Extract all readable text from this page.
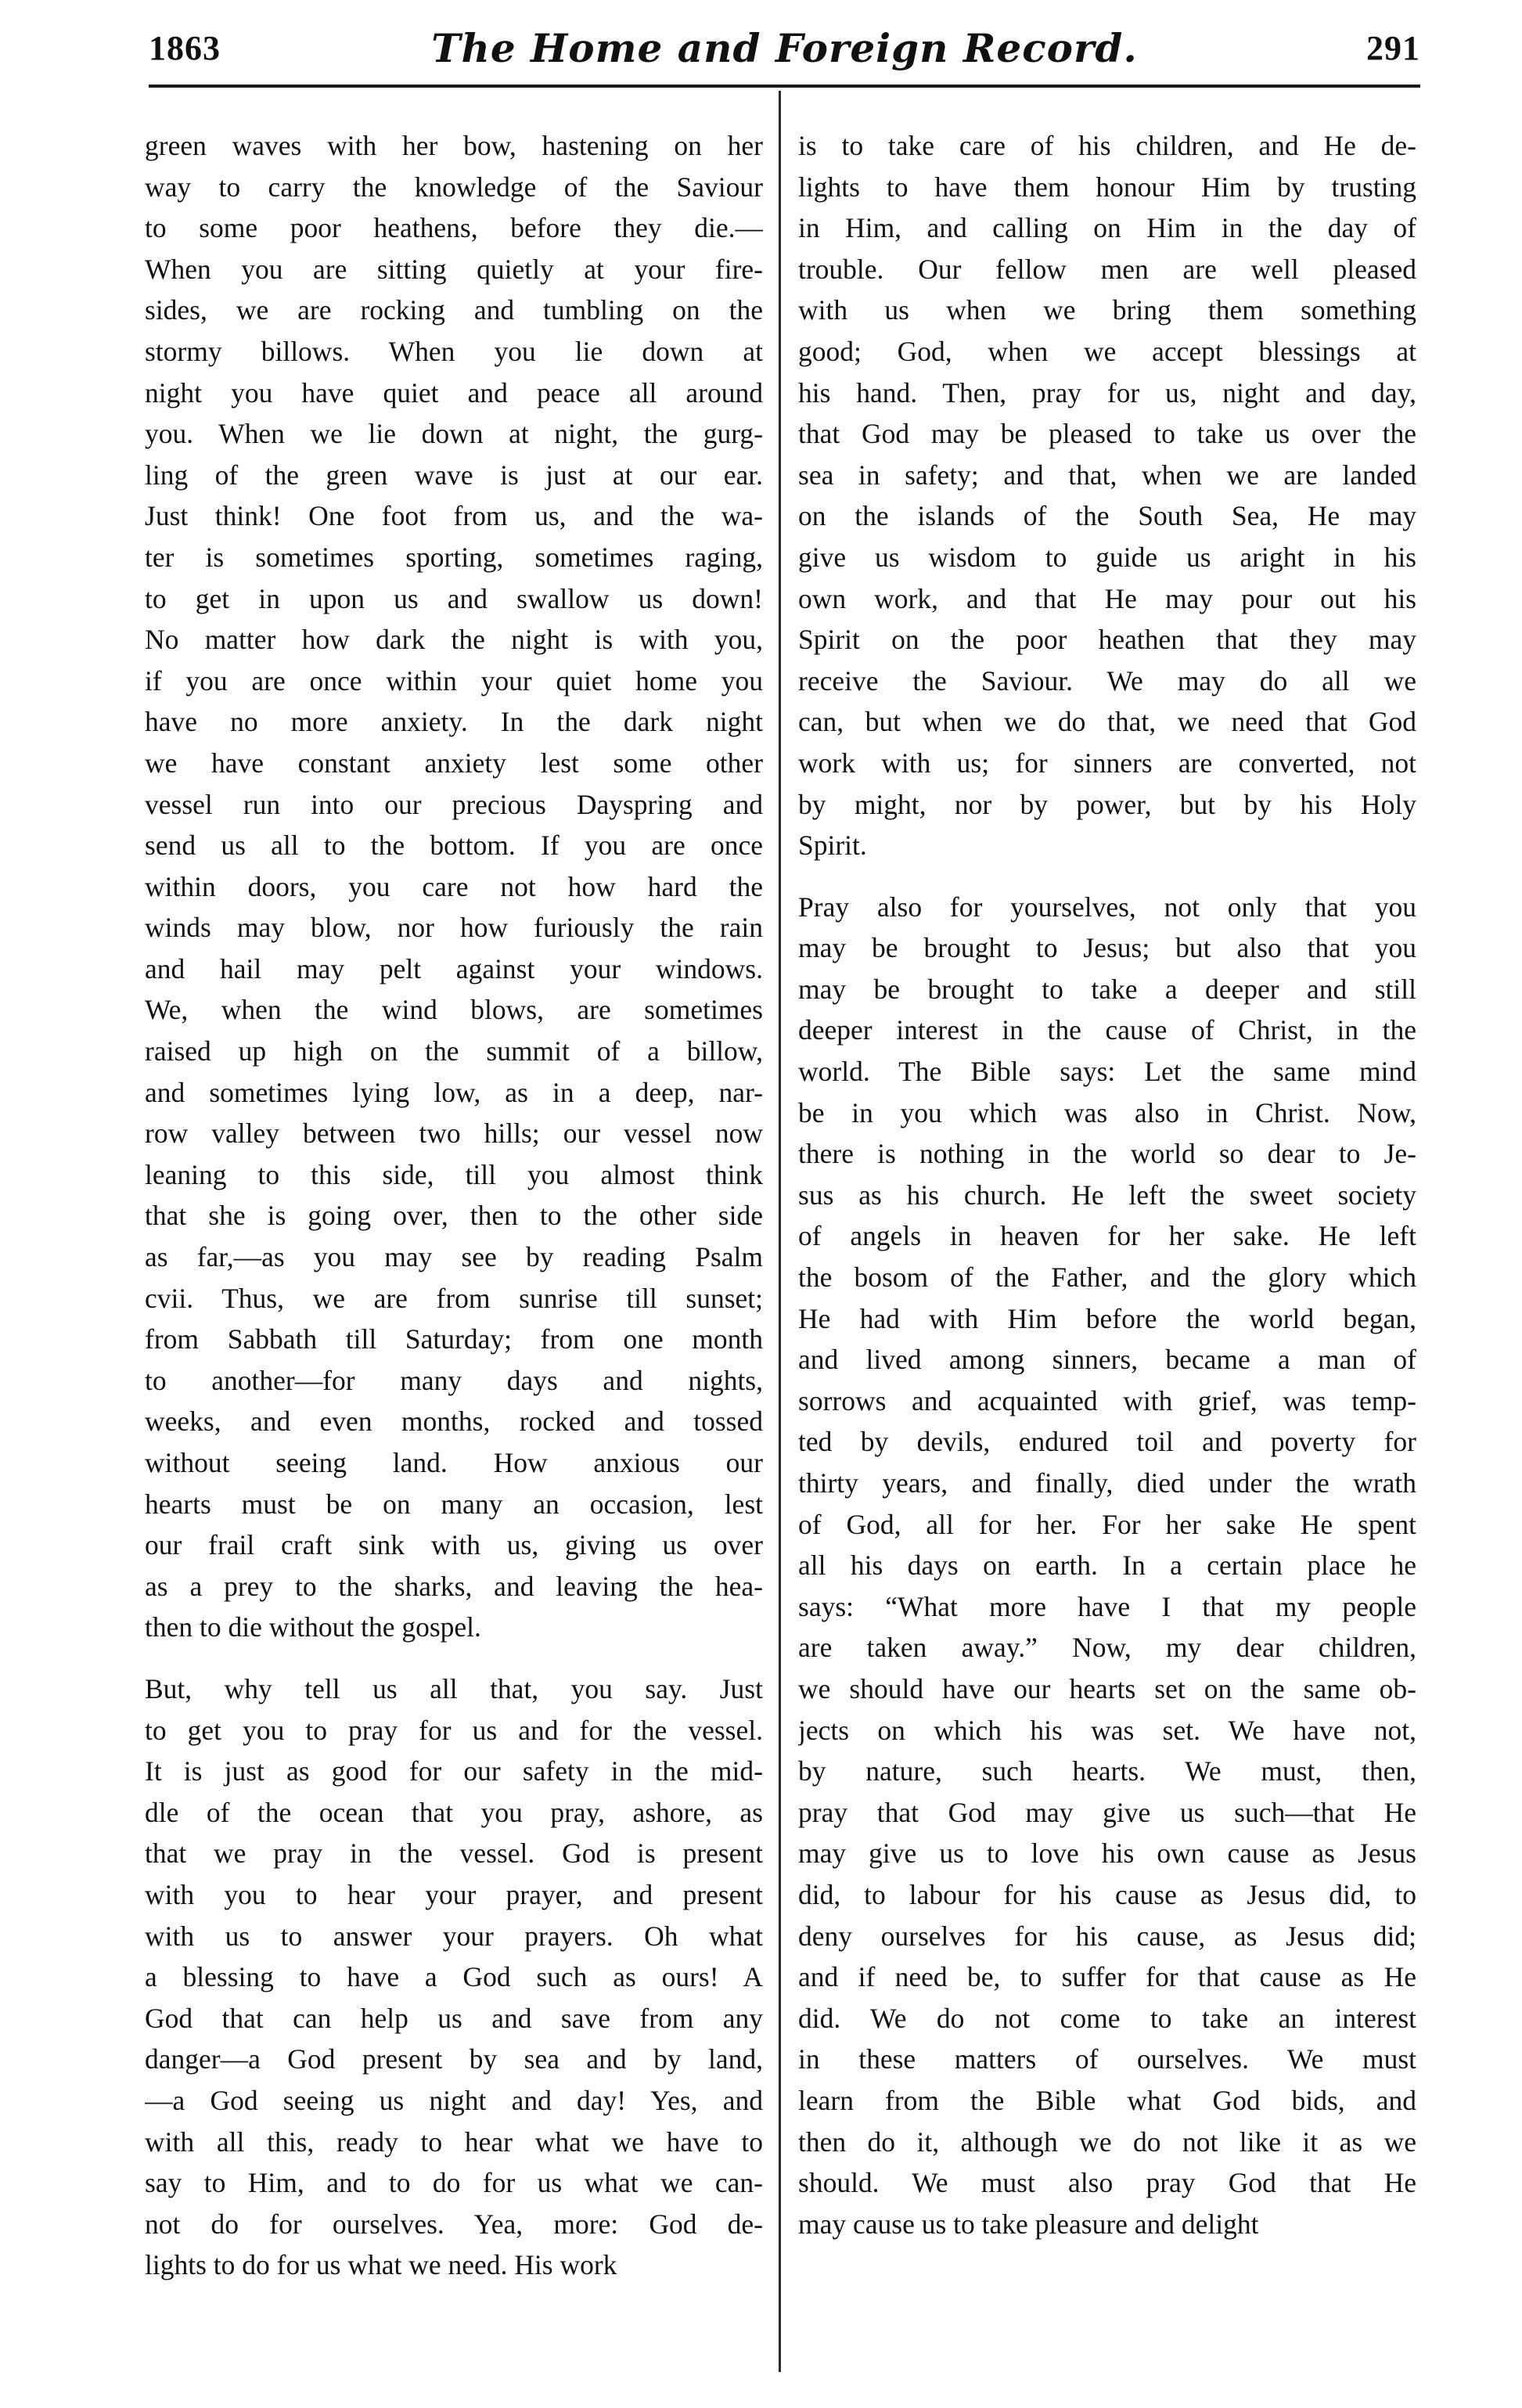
1863	The Home and Foreign Record.	291
green waves with her bow, hastening on her
way to carry the knowledge of the Saviour
to some poor heathens, before they die.—
When you are sitting quietly at your fire-
sides, we are rocking and tumbling on the
stormy billows. When you lie down at
night you have quiet and peace all around
you. When we lie down at night, the gurg-
ling of the green wave is just at our ear.
Just think! One foot from us, and the wa-
ter is sometimes sporting, sometimes raging,
to get in upon us and swallow us down!
No matter how dark the night is with you,
if you are once within your quiet home you
have no more anxiety. In the dark night
we have constant anxiety lest some other
vessel run into our precious Dayspring and
send us all to the bottom. If you are once
within doors, you care not how hard the
winds may blow, nor how furiously the rain
and hail may pelt against your windows.
We, when the wind blows, are sometimes
raised up high on the summit of a billow,
and sometimes lying low, as in a deep, nar-
row valley between two hills; our vessel now
leaning to this side, till you almost think
that she is going over, then to the other side
as far,—as you may see by reading Psalm
cvii. Thus, we are from sunrise till sunset;
from Sabbath till Saturday; from one month
to another—for many days and nights,
weeks, and even months, rocked and tossed
without seeing land. How anxious our
hearts must be on many an occasion, lest
our frail craft sink with us, giving us over
as a prey to the sharks, and leaving the hea-
then to die without the gospel.
But, why tell us all that, you say. Just
to get you to pray for us and for the vessel.
It is just as good for our safety in the mid-
dle of the ocean that you pray, ashore, as
that we pray in the vessel. God is present
with you to hear your prayer, and present
with us to answer your prayers. Oh what
a blessing to have a God such as ours! A
God that can help us and save from any
danger—a God present by sea and by land,
—a God seeing us night and day! Yes, and
with all this, ready to hear what we have to
say to Him, and to do for us what we can-
not do for ourselves. Yea, more: God de-
lights to do for us what we need. His work
is to take care of his children, and He de-
lights to have them honour Him by trusting
in Him, and calling on Him in the day of
trouble. Our fellow men are well pleased
with us when we bring them something
good; God, when we accept blessings at
his hand. Then, pray for us, night and day,
that God may be pleased to take us over the
sea in safety; and that, when we are landed
on the islands of the South Sea, He may
give us wisdom to guide us aright in his
own work, and that He may pour out his
Spirit on the poor heathen that they may
receive the Saviour. We may do all we
can, but when we do that, we need that God
work with us; for sinners are converted, not
by might, nor by power, but by his Holy
Spirit.
Pray also for yourselves, not only that you
may be brought to Jesus; but also that you
may be brought to take a deeper and still
deeper interest in the cause of Christ, in the
world. The Bible says: Let the same mind
be in you which was also in Christ. Now,
there is nothing in the world so dear to Je-
sus as his church. He left the sweet society
of angels in heaven for her sake. He left
the bosom of the Father, and the glory which
He had with Him before the world began,
and lived among sinners, became a man of
sorrows and acquainted with grief, was temp-
ted by devils, endured toil and poverty for
thirty years, and finally, died under the wrath
of God, all for her. For her sake He spent
all his days on earth. In a certain place he
says: “What more have I that my people
are taken away.” Now, my dear children,
we should have our hearts set on the same ob-
jects on which his was set. We have not,
by nature, such hearts. We must, then,
pray that God may give us such—that He
may give us to love his own cause as Jesus
did, to labour for his cause as Jesus did, to
deny ourselves for his cause, as Jesus did;
and if need be, to suffer for that cause as He
did. We do not come to take an interest
in these matters of ourselves. We must
learn from the Bible what God bids, and
then do it, although we do not like it as we
should. We must also pray God that He
may cause us to take pleasure and delight
